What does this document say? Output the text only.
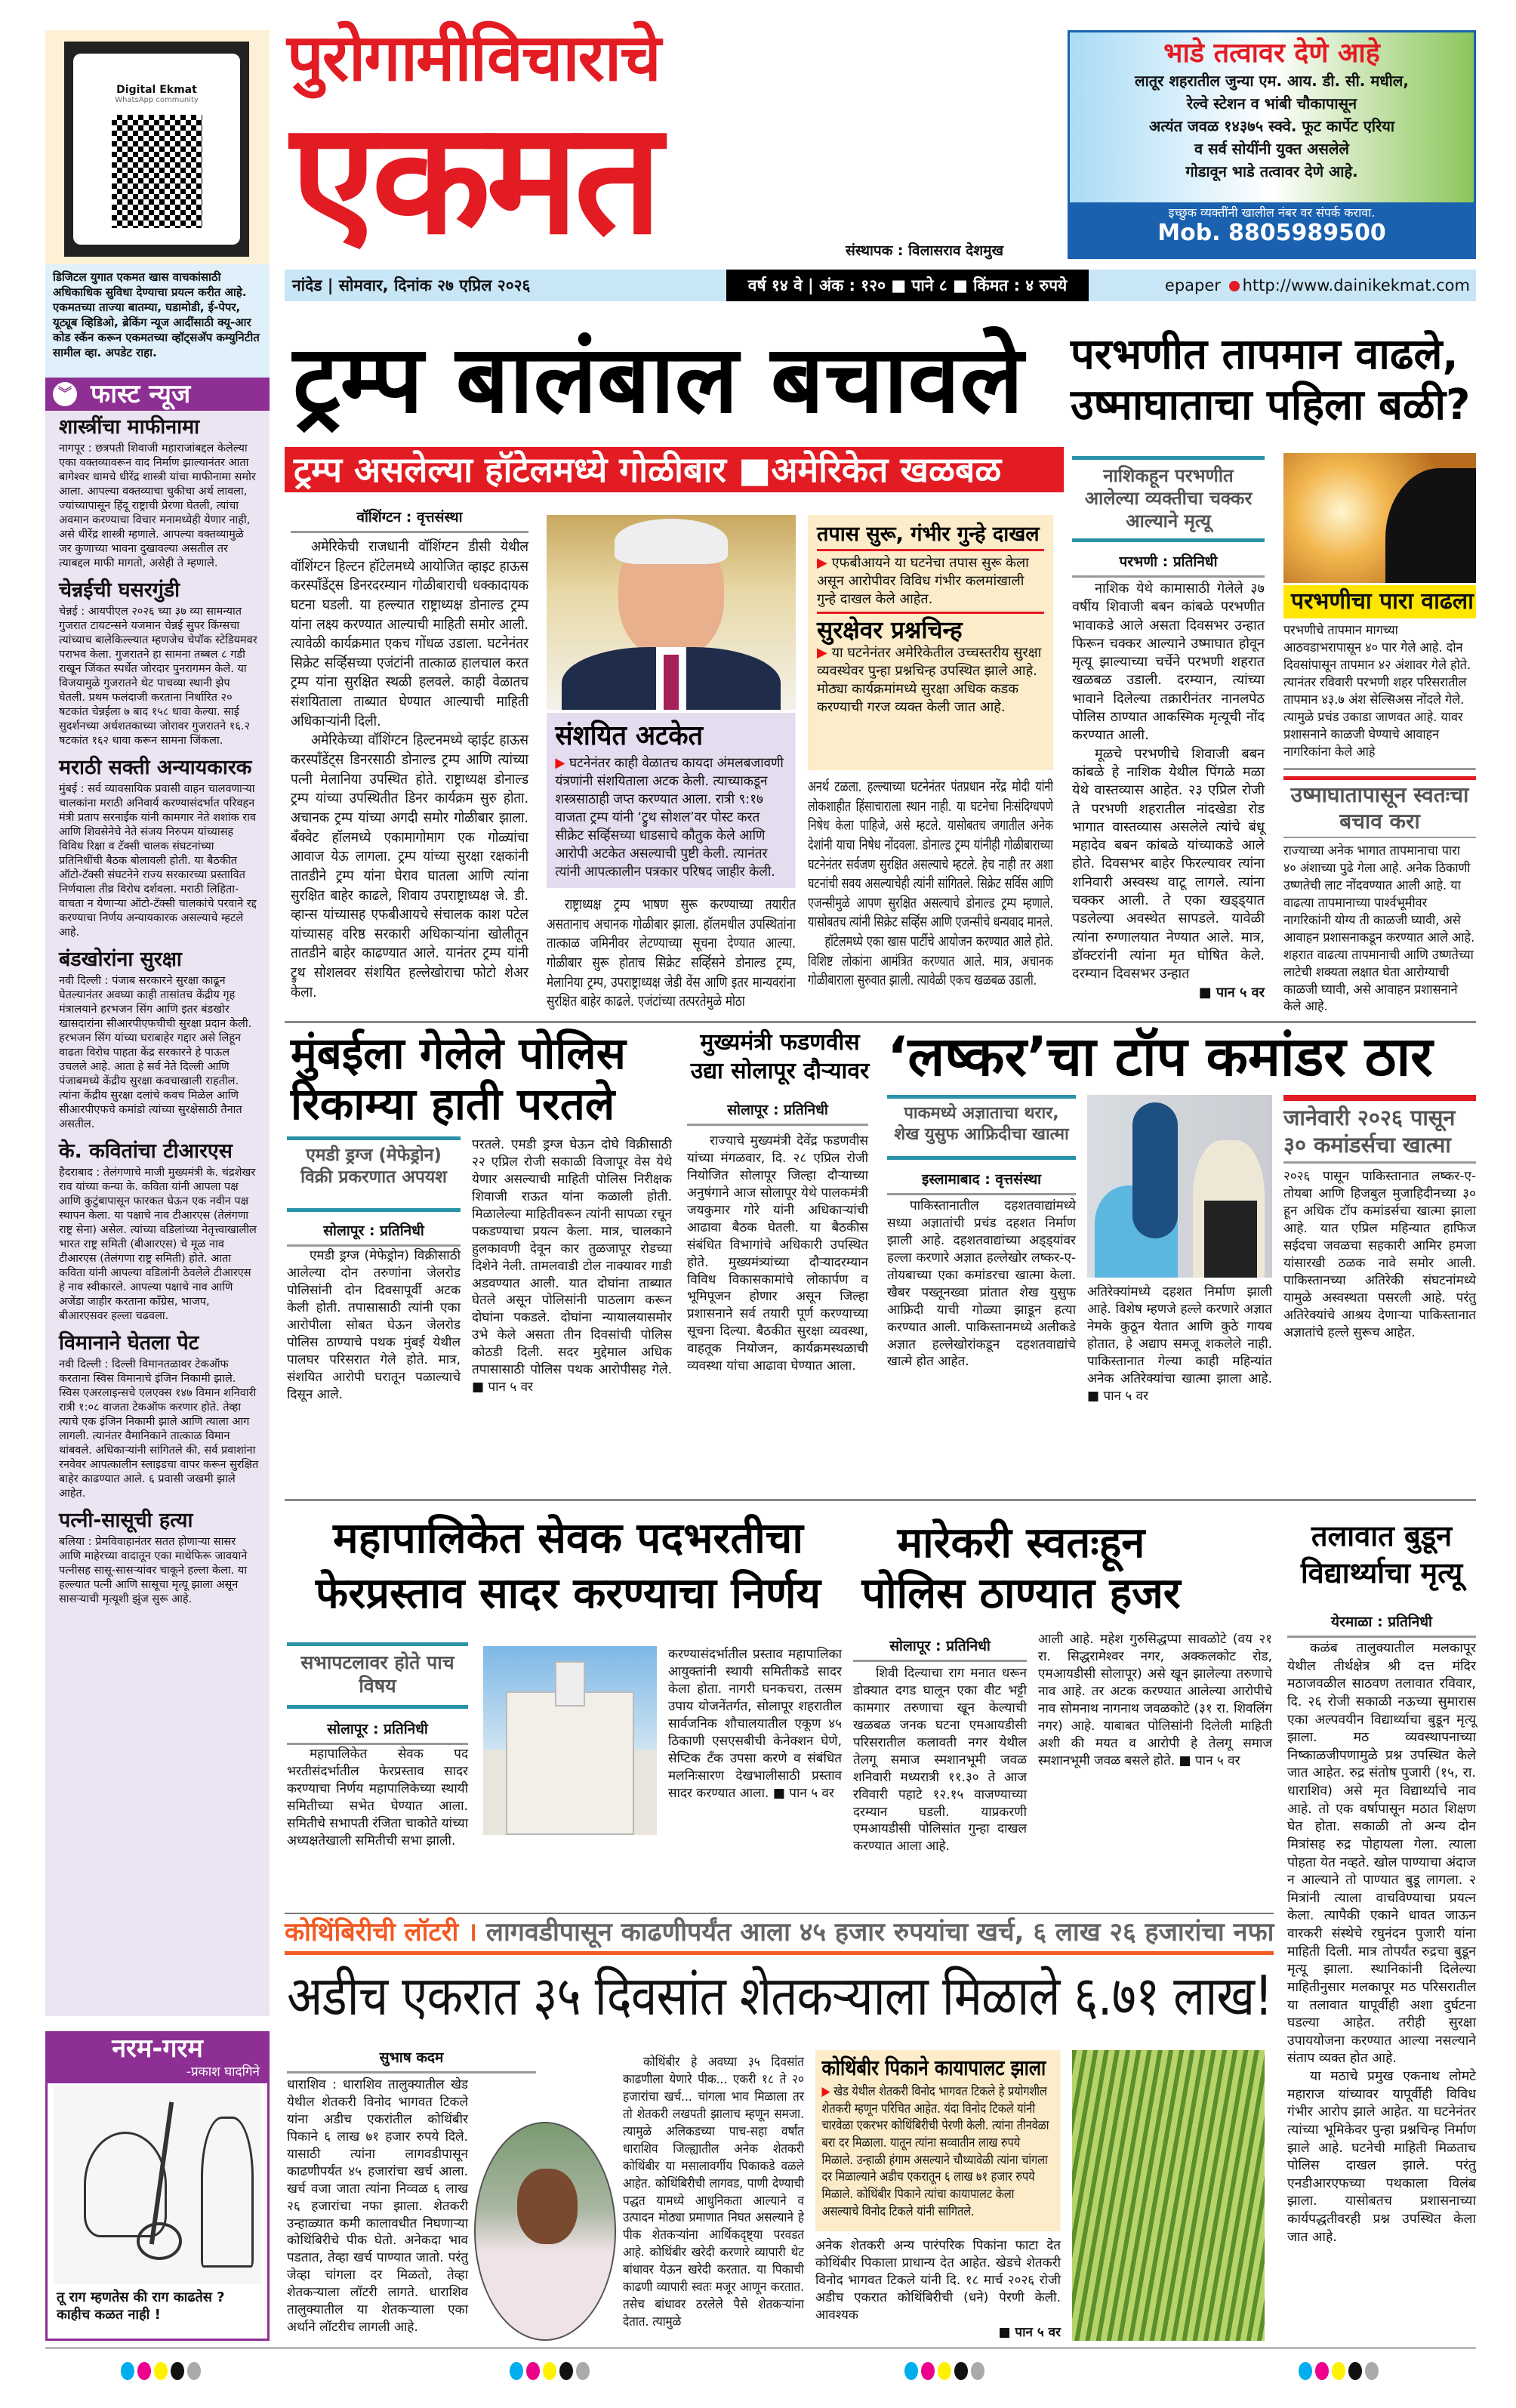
Digital Ekmat
WhatsApp community
डिजिटल युगात एकमत खास वाचकांसाठी अधिकाधिक सुविधा देण्याचा प्रयत्न करीत आहे. एकमतच्या ताज्या बातम्या, घडामोडी, ई-पेपर, यूट्यूब व्हिडिओ, ब्रेकिंग न्यूज आदींसाठी क्यू-आर कोड स्कॅन करून एकमतच्या व्हॉट्सअ‍ॅप कम्युनिटीत सामील व्हा. अपडेट राहा.
︾ फास्ट न्यूज
शास्त्रींचा माफीनामा
नागपूर : छत्रपती शिवाजी महाराजांबद्दल केलेल्या एका वक्तव्यावरून वाद निर्माण झाल्यानंतर आता बागेश्वर धामचे धीरेंद्र शास्त्री यांचा माफीनामा समोर आला. आपल्या वक्तव्याचा चुकीचा अर्थ लावला, ज्यांच्यापासून हिंदू राष्ट्राची प्रेरणा घेतली, त्यांचा अवमान करण्याचा विचार मनामध्येही येणार नाही, असे धीरेंद्र शास्त्री म्हणाले. आपल्या वक्तव्यामुळे जर कुणाच्या भावना दुखावल्या असतील तर त्याबद्दल माफी मागतो, असेही ते म्हणाले.
चेन्नईची घसरगुंडी
चेन्नई : आयपीएल २०२६ च्या ३७ व्या सामन्यात गुजरात टायटन्सने यजमान चेन्नई सुपर किंग्सचा त्यांच्याच बालेकिल्ल्यात म्हणजेच चेपॉक स्टेडियमवर पराभव केला. गुजरातने हा सामना तब्बल ८ गडी राखून जिंकत स्पर्धेत जोरदार पुनरागमन केले. या विजयामुळे गुजरातने थेट पाचव्या स्थानी झेप घेतली. प्रथम फलंदाजी करताना निर्धारित २० षटकांत चेन्नईला ७ बाद १५८ धावा केल्या. साई सुदर्शनच्या अर्धशतकाच्या जोरावर गुजरातने १६.२ षटकांत १६२ धावा करून सामना जिंकला.
मराठी सक्ती अन्यायकारक
मुंबई : सर्व व्यावसायिक प्रवासी वाहन चालवणाऱ्या चालकांना मराठी अनिवार्य करण्यासंदर्भात परिवहन मंत्री प्रताप सरनाईक यांनी कामगार नेते शशांक राव आणि शिवसेनेचे नेते संजय निरुपम यांच्यासह विविध रिक्षा व टॅक्सी चालक संघटनांच्या प्रतिनिधींची बैठक बोलावली होती. या बैठकीत ऑटो-टॅक्सी संघटनेने राज्य सरकारच्या प्रस्तावित निर्णयाला तीव्र विरोध दर्शवला. मराठी लिहिता-वाचता न येणाऱ्या ऑटो-टॅक्सी चालकांचे परवाने रद्द करण्याचा निर्णय अन्यायकारक असल्याचे म्हटले आहे.
बंडखोरांना सुरक्षा
नवी दिल्ली : पंजाब सरकारने सुरक्षा काढून घेतल्यानंतर अवघ्या काही तासांतच केंद्रीय गृह मंत्रालयाने हरभजन सिंग आणि इतर बंडखोर खासदारांना सीआरपीएफचीची सुरक्षा प्रदान केली. हरभजन सिंग यांच्या घराबाहेर गद्दार असे लिहून वाढता विरोध पाहता केंद्र सरकारने हे पाऊल उचलले आहे. आता हे सर्व नेते दिल्ली आणि पंजाबमध्ये केंद्रीय सुरक्षा कवचाखाली राहतील. त्यांना केंद्रीय सुरक्षा दलांचे कवच मिळेल आणि सीआरपीएफचे कमांडो त्यांच्या सुरक्षेसाठी तैनात असतील.
के. कवितांचा टीआरएस
हैदराबाद : तेलंगणाचे माजी मुख्यमंत्री के. चंद्रशेखर राव यांच्या कन्या के. कविता यांनी आपला पक्ष आणि कुटुंबापासून फारकत घेऊन एक नवीन पक्ष स्थापन केला. या पक्षाचे नाव टीआरएस (तेलंगणा राष्ट्र सेना) असेल. त्यांच्या वडिलांच्या नेतृत्त्वाखालील भारत राष्ट्र समिती (बीआरएस) चे मूळ नाव टीआरएस (तेलंगणा राष्ट्र समिती) होते. आता कविता यांनी आपल्या वडिलांनी ठेवलेले टीआरएस हे नाव स्वीकारले. आपल्या पक्षाचे नाव आणि अजेंडा जाहीर करताना काँग्रेस, भाजप, बीआरएसवर हल्ला चढवला.
विमानाने घेतला पेट
नवी दिल्ली : दिल्ली विमानतळावर टेकऑफ करताना स्विस विमानाचे इंजिन निकामी झाले. स्विस एअरलाइन्सचे एलएक्स १४७ विमान शनिवारी रात्री १:०८ वाजता टेकऑफ करणार होते. तेव्हा त्याचे एक इंजिन निकामी झाले आणि त्याला आग लागली. त्यानंतर वैमानिकाने तात्काळ विमान थांबवले. अधिकाऱ्यांनी सांगितले की, सर्व प्रवाशांना रनवेवर आपत्कालीन स्लाइडचा वापर करून सुरक्षित बाहेर काढण्यात आले. ६ प्रवासी जखमी झाले आहेत.
पत्नी-सासूची हत्या
बलिया : प्रेमविवाहानंतर सतत होणाऱ्या सासर आणि माहेरच्या वादातून एका माथेफिरू जावयाने पत्नीसह सासू-सासऱ्यांवर चाकूने हल्ला केला. या हल्ल्यात पत्नी आणि सासूचा मृत्यू झाला असून सासऱ्याची मृत्यूशी झुंज सुरू आहे.
नरम-गरम
-प्रकाश घादगिने
तू राग म्हणतेस की राग काढतेस ? काहीच कळत नाही !
पुरोगामीविचाराचे
एकमत	संस्थापक : विलासराव देशमुख
भाडे तत्वावर देणे आहे
लातूर शहरातील जुन्या एम. आय. डी. सी. मधील,
रेल्वे स्टेशन व भांबी चौकापासून
अत्यंत जवळ १४३७५ स्क्वे. फूट कार्पेट एरिया
व सर्व सोयींनी युक्त असलेले
गोडावून भाडे तत्वावर देणे आहे.
इच्छुक व्यक्तींनी खालील नंबर वर संपर्क करावा.
Mob. 8805989500
नांदेड | सोमवार, दिनांक २७ एप्रिल २०२६	वर्ष १४ वे | अंक : १२० ■ पाने ८ ■ किंमत : ४ रुपये	epaper http://www.dainikekmat.com
ट्रम्प बालंबाल बचावले
ट्रम्प असलेल्या हॉटेलमध्ये गोळीबार ■अमेरिकेत खळबळ
वॉशिंग्टन : वृत्तसंस्था

अमेरिकेची राजधानी वॉशिंग्टन डीसी येथील वॉशिंग्टन हिल्टन हॉटेलमध्ये आयोजित व्हाइट हाऊस करस्पाँडेंट्स डिनरदरम्यान गोळीबाराची धक्कादायक घटना घडली. या हल्ल्यात राष्ट्राध्यक्ष डोनाल्ड ट्रम्प यांना लक्ष्य करण्यात आल्याची माहिती समोर आली. त्यावेळी कार्यक्रमात एकच गोंधळ उडाला. घटनेनंतर सिक्रेट सर्व्हिसच्या एजंटांनी तात्काळ हालचाल करत ट्रम्प यांना सुरक्षित स्थळी हलवले. काही वेळातच संशयिताला ताब्यात घेण्यात आल्याची माहिती अधिकाऱ्यांनी दिली.

अमेरिकेच्या वॉशिंग्टन हिल्टनमध्ये व्हाईट हाऊस करस्पाँडेंट्स डिनरसाठी डोनाल्ड ट्रम्प आणि त्यांच्या पत्नी मेलानिया उपस्थित होते. राष्ट्राध्यक्ष डोनाल्ड ट्रम्प यांच्या उपस्थितीत डिनर कार्यक्रम सुरु होता. अचानक ट्रम्प यांच्या अगदी समोर गोळीबार झाला. बँक्वेट हॉलमध्ये एकामागोमाग एक गोळ्यांचा आवाज येऊ लागला. ट्रम्प यांच्या सुरक्षा रक्षकांनी तातडीने ट्रम्प यांना घेराव घातला आणि त्यांना सुरक्षित बाहेर काढले, शिवाय उपराष्ट्राध्यक्ष जे. डी. व्हान्स यांच्यासह एफबीआयचे संचालक काश पटेल यांच्यासह वरिष्ठ सरकारी अधिकाऱ्यांना खोलीतून तातडीने बाहेर काढण्यात आले. यानंतर ट्रम्प यांनी ट्रुथ सोशलवर संशयित हल्लेखोराचा फोटो शेअर केला.

संशयित अटकेत
▶ घटनेनंतर काही वेळातच कायदा अंमलबजावणी यंत्रणांनी संशयिताला अटक केली. त्याच्याकडून शस्त्रसाठाही जप्त करण्यात आला. रात्री ९:१७ वाजता ट्रम्प यांनी ‘ट्रुथ सोशल’वर पोस्ट करत सीक्रेट सर्व्हिसच्या धाडसाचे कौतुक केले आणि आरोपी अटकेत असल्याची पुष्टी केली. त्यानंतर त्यांनी आपत्कालीन पत्रकार परिषद जाहीर केली.

राष्ट्राध्यक्ष ट्रम्प भाषण सुरू करण्याच्या तयारीत असतानाच अचानक गोळीबार झाला. हॉलमधील उपस्थितांना तात्काळ जमिनीवर लेटण्याच्या सूचना देण्यात आल्या. गोळीबार सुरू होताच सिक्रेट सर्व्हिसने डोनाल्ड ट्रम्प, मेलानिया ट्रम्प, उपराष्ट्राध्यक्ष जेडी वेंस आणि इतर मान्यवरांना सुरक्षित बाहेर काढले. एजंटांच्या तत्परतेमुळे मोठा

तपास सुरू, गंभीर गुन्हे दाखल
▶ एफबीआयने या घटनेचा तपास सुरू केला असून आरोपीवर विविध गंभीर कलमांखाली गुन्हे दाखल केले आहेत.
सुरक्षेवर प्रश्नचिन्ह
▶ या घटनेनंतर अमेरिकेतील उच्चस्तरीय सुरक्षा व्यवस्थेवर पुन्हा प्रश्नचिन्ह उपस्थित झाले आहे. मोठ्या कार्यक्रमांमध्ये सुरक्षा अधिक कडक करण्याची गरज व्यक्त केली जात आहे.

अनर्थ टळला. हल्ल्याच्या घटनेनंतर पंतप्रधान नरेंद्र मोदी यांनी लोकशाहीत हिंसाचाराला स्थान नाही. या घटनेचा निःसंदिग्धपणे निषेध केला पाहिजे, असे म्हटले. यासोबतच जगातील अनेक देशांनी याचा निषेध नोंदवला. डोनाल्ड ट्रम्प यांनीही गोळीबाराच्या घटनेनंतर सर्वजण सुरक्षित असल्याचे म्हटले. हेच नाही तर अशा घटनांची सवय असल्याचेही त्यांनी सांगितले. सिक्रेट सर्विस आणि एजन्सीमुळे आपण सुरक्षित असल्याचे डोनाल्ड ट्रम्प म्हणाले. यासोबतच त्यांनी सिक्रेट सर्व्हिस आणि एजन्सीचे धन्यवाद मानले.

हॉटेलमध्ये एका खास पार्टीचे आयोजन करण्यात आले होते. विशिष्ट लोकांना आमंत्रित करण्यात आले. मात्र, अचानक गोळीबाराला सुरुवात झाली. त्यावेळी एकच खळबळ उडाली.

परभणीत तापमान वाढले, उष्माघाताचा पहिला बळी?
नाशिकहून परभणीत आलेल्या व्यक्तीचा चक्कर आल्याने मृत्यू
परभणी : प्रतिनिधी

नाशिक येथे कामासाठी गेलेले ३७ वर्षीय शिवाजी बबन कांबळे परभणीत भावाकडे आले असता दिवसभर उन्हात फिरून चक्कर आल्याने उष्माघात होवून मृत्यू झाल्याच्या चर्चेने परभणी शहरात खळबळ उडाली. दरम्यान, त्यांच्या भावाने दिलेल्या तक्रारीनंतर नानलपेठ पोलिस ठाण्यात आकस्मिक मृत्यूची नोंद करण्यात आली.

मूळचे परभणीचे शिवाजी बबन कांबळे हे नाशिक येथील पिंगळे मळा येथे वास्तव्यास आहेत. २३ एप्रिल रोजी ते परभणी शहरातील नांदखेडा रोड भागात वास्तव्यास असलेले त्यांचे बंधू महादेव बबन कांबळे यांच्याकडे आले होते. दिवसभर बाहेर फिरल्यावर त्यांना शनिवारी अस्वस्थ वाटू लागले. त्यांना चक्कर आली. ते एका खड्ड्यात पडलेल्या अवस्थेत सापडले. यावेळी त्यांना रुग्णालयात नेण्यात आले. मात्र, डॉक्टरांनी त्यांना मृत घोषित केले. दरम्यान दिवसभर उन्हात

■ पान ५ वर
परभणीचा पारा वाढला
परभणीचे तापमान मागच्या आठवडाभरापासून ४० पार गेले आहे. दोन दिवसांपासून तापमान ४२ अंशावर गेले होते. त्यानंतर रविवारी परभणी शहर परिसरातील तापमान ४३.७ अंश सेल्सिअस नोंदले गेले. त्यामुळे प्रचंड उकाडा जाणवत आहे. यावर प्रशासनाने काळजी घेण्याचे आवाहन नागरिकांना केले आहे
उष्माघातापासून स्वतःचा बचाव करा
राज्याच्या अनेक भागात तापमानाचा पारा ४० अंशाच्या पुढे गेला आहे. अनेक ठिकाणी उष्णतेची लाट नोंदवण्यात आली आहे. या वाढत्या तापमानाच्या पार्श्वभूमीवर नागरिकांनी योग्य ती काळजी घ्यावी, असे आवाहन प्रशासनाकडून करण्यात आले आहे. शहरात वाढत्या तापमानाची आणि उष्णतेच्या लाटेची शक्यता लक्षात घेता आरोग्याची काळजी घ्यावी, असे आवाहन प्रशासनाने केले आहे.
मुंबईला गेलेले पोलिस रिकाम्या हाती परतले
एमडी ड्रग्ज (मेफेड्रोन) विक्री प्रकरणात अपयश
सोलापूर : प्रतिनिधी

एमडी ड्रग्ज (मेफेड्रोन) विक्रीसाठी आलेल्या दोन तरुणांना जेलरोड पोलिसांनी दोन दिवसापूर्वी अटक केली होती. तपासासाठी त्यांनी एका आरोपीला सोबत घेऊन जेलरोड पोलिस ठाण्याचे पथक मुंबई येथील पालघर परिसरात गेले होते. मात्र, संशयित आरोपी घरातून पळाल्याचे दिसून आले.

परतले. एमडी ड्रग्ज घेऊन दोघे विक्रीसाठी २२ एप्रिल रोजी सकाळी विजापूर वेस येथे येणार असल्याची माहिती पोलिस निरीक्षक शिवाजी राऊत यांना कळाली होती. मिळालेल्या माहितीवरून त्यांनी सापळा रचून पकडण्याचा प्रयत्न केला. मात्र, चालकाने हुलकावणी देवून कार तुळजापूर रोडच्या दिशेने नेली. तामलवाडी टोल नाक्यावर गाडी अडवण्यात आली. यात दोघांना ताब्यात घेतले असून पोलिसांनी पाठलाग करून दोघांना पकडले. दोघांना न्यायालयासमोर उभे केले असता तीन दिवसांची पोलिस कोठडी दिली. सदर मुद्देमाल अधिक तपासासाठी पोलिस पथक आरोपीसह गेले. ■ पान ५ वर

मुख्यमंत्री फडणवीस उद्या सोलापूर दौऱ्यावर
सोलापूर : प्रतिनिधी

राज्याचे मुख्यमंत्री देवेंद्र फडणवीस यांच्या मंगळवार, दि. २८ एप्रिल रोजी नियोजित सोलापूर जिल्हा दौऱ्याच्या अनुषंगाने आज सोलापूर येथे पालकमंत्री जयकुमार गोरे यांनी अधिकाऱ्यांची आढावा बैठक घेतली. या बैठकीस संबंधित विभागांचे अधिकारी उपस्थित होते. मुख्यमंत्र्यांच्या दौऱ्यादरम्यान विविध विकासकामांचे लोकार्पण व भूमिपूजन होणार असून जिल्हा प्रशासनाने सर्व तयारी पूर्ण करण्याच्या सूचना दिल्या. बैठकीत सुरक्षा व्यवस्था, वाहतूक नियोजन, कार्यक्रमस्थळाची व्यवस्था यांचा आढावा घेण्यात आला.

‘लष्कर’चा टॉप कमांडर ठार
पाकमध्ये अज्ञाताचा थरार, शेख युसुफ आफ्रिदीचा खात्मा
इस्लामाबाद : वृत्तसंस्था

पाकिस्तानातील दहशतवाद्यांमध्ये सध्या अज्ञातांची प्रचंड दहशत निर्माण झाली आहे. दहशतवाद्यांच्या अड्ड्यांवर हल्ला करणारे अज्ञात हल्लेखोर लष्कर-ए-तोयबाच्या एका कमांडरचा खात्मा केला. खैबर पख्तूनख्वा प्रांतात शेख युसुफ आफ्रिदी याची गोळ्या झाडून हत्या करण्यात आली. पाकिस्तानमध्ये अलीकडे अज्ञात हल्लेखोरांकडून दहशतवाद्यांचे खात्मे होत आहेत.

अतिरेक्यांमध्ये दहशत निर्माण झाली आहे. विशेष म्हणजे हल्ले करणारे अज्ञात नेमके कुठून येतात आणि कुठे गायब होतात, हे अद्याप समजू शकलेले नाही. पाकिस्तानात गेल्या काही महिन्यांत अनेक अतिरेक्यांचा खात्मा झाला आहे. ■ पान ५ वर

जानेवारी २०२६ पासून ३० कमांडर्सचा खात्मा
२०२६ पासून पाकिस्तानात लष्कर-ए-तोयबा आणि हिजबुल मुजाहिदीनच्या ३० हून अधिक टॉप कमांडर्सचा खात्मा झाला आहे. यात एप्रिल महिन्यात हाफिज सईदचा जवळचा सहकारी आमिर हमजा यांसारखी ठळक नावे समोर आली. पाकिस्तानच्या अतिरेकी संघटनांमध्ये यामुळे अस्वस्थता पसरली आहे. परंतु अतिरेक्यांचे आश्रय देणाऱ्या पाकिस्तानात अज्ञातांचे हल्ले सुरूच आहेत.
महापालिकेत सेवक पदभरतीचा फेरप्रस्ताव सादर करण्याचा निर्णय
सभापटलावर होते पाच विषय
सोलापूर : प्रतिनिधी

महापालिकेत सेवक पद भरतीसंदर्भातील फेरप्रस्ताव सादर करण्याचा निर्णय महापालिकेच्या स्थायी समितीच्या सभेत घेण्यात आला. समितीचे सभापती रंजिता चाकोते यांच्या अध्यक्षतेखाली समितीची सभा झाली.

करण्यासंदर्भातील प्रस्ताव महापालिका आयुक्तांनी स्थायी समितीकडे सादर केला होता. नागरी घनकचरा, तत्सम उपाय योजनेंतर्गत, सोलापूर शहरातील सार्वजनिक शौचालयातील एकूण ४५ ठिकाणी एसएसबीची केनेक्शन घेणे, सेप्टिक टँक उपसा करणे व संबंधित मलनिःसारण देखभालीसाठी प्रस्ताव सादर करण्यात आला. ■ पान ५ वर

मारेकरी स्वतःहून पोलिस ठाण्यात हजर
सोलापूर : प्रतिनिधी

शिवी दिल्याचा राग मनात धरून डोक्यात दगड घालून एका वीट भट्टी कामगार तरुणाचा खून केल्याची खळबळ जनक घटना एमआयडीसी परिसरातील कलावती नगर येथील तेलगू समाज स्मशानभूमी जवळ शनिवारी मध्यरात्री ११.३० ते आज रविवारी पहाटे १२.१५ वाजण्याच्या दरम्यान घडली. याप्रकरणी एमआयडीसी पोलिसांत गुन्हा दाखल करण्यात आला आहे.

आली आहे. महेश गुरुसिद्धप्पा सावळोटे (वय २१ रा. सिद्धरामेश्वर नगर, अक्कलकोट रोड, एमआयडीसी सोलापूर) असे खून झालेल्या तरुणाचे नाव आहे. तर अटक करण्यात आलेल्या आरोपीचे नाव सोमनाथ नागनाथ जवळकोटे (३१ रा. शिवलिंग नगर) आहे. याबाबत पोलिसांनी दिलेली माहिती अशी की मयत व आरोपी हे तेलगू समाज स्मशानभूमी जवळ बसले होते. ■ पान ५ वर

तलावात बुडून विद्यार्थ्याचा मृत्यू
येरमाळा : प्रतिनिधी

कळंब तालुक्यातील मलकापूर येथील तीर्थक्षेत्र श्री दत्त मंदिर मठाजवळील साठवण तलावात रविवार, दि. २६ रोजी सकाळी नऊच्या सुमारास एका अल्पवयीन विद्यार्थ्याचा बुडून मृत्यू झाला. मठ व्यवस्थापनाच्या निष्काळजीपणामुळे प्रश्न उपस्थित केले जात आहेत. रुद्र संतोष पुजारी (१५, रा. धाराशिव) असे मृत विद्यार्थ्याचे नाव आहे. तो एक वर्षापासून मठात शिक्षण घेत होता. सकाळी तो अन्य दोन मित्रांसह रुद्र पोहायला गेला. त्याला पोहता येत नव्हते. खोल पाण्याचा अंदाज न आल्याने तो पाण्यात बुडू लागला. २ मित्रांनी त्याला वाचविण्याचा प्रयत्न केला. त्यापैकी एकाने धावत जाऊन वारकरी संस्थेचे रघुनंदन पुजारी यांना माहिती दिली. मात्र तोपर्यंत रुद्रचा बुडून मृत्यू झाला. स्थानिकांनी दिलेल्या माहितीनुसार मलकापूर मठ परिसरातील या तलावात यापूर्वीही अशा दुर्घटना घडल्या आहेत. तरीही सुरक्षा उपाययोजना करण्यात आल्या नसल्याने संताप व्यक्त होत आहे.

या मठाचे प्रमुख एकनाथ लोमटे महाराज यांच्यावर यापूर्वीही विविध गंभीर आरोप झाले आहेत. या घटनेनंतर त्यांच्या भूमिकेवर पुन्हा प्रश्नचिन्ह निर्माण झाले आहे. घटनेची माहिती मिळताच पोलिस दाखल झाले. परंतु एनडीआरएफच्या पथकाला विलंब झाला. यासोबतच प्रशासनाच्या कार्यपद्धतीवरही प्रश्न उपस्थित केला जात आहे.

कोथिंबिरीची लॉटरी । लागवडीपासून काढणीपर्यंत आला ४५ हजार रुपयांचा खर्च, ६ लाख २६ हजारांचा नफा
अडीच एकरात ३५ दिवसांत शेतकऱ्याला मिळाले ६.७१ लाख!
सुभाष कदम

धाराशिव : धाराशिव तालुक्यातील खेड येथील शेतकरी विनोद भागवत टिकले यांना अडीच एकरांतील कोथिंबीर पिकाने ६ लाख ७१ हजार रुपये दिले. यासाठी त्यांना लागवडीपासून काढणीपर्यंत ४५ हजारांचा खर्च आला. खर्च वजा जाता त्यांना निव्वळ ६ लाख २६ हजारांचा नफा झाला. शेतकरी उन्हाळ्यात कमी कालावधीत निघणाऱ्या कोथिंबिरीचे पीक घेतो. अनेकदा भाव पडतात, तेव्हा खर्च पाण्यात जातो. परंतु जेव्हा चांगला दर मिळतो, तेव्हा शेतकऱ्याला लॉटरी लागते. धाराशिव तालुक्यातील या शेतकऱ्याला एका अर्थाने लॉटरीच लागली आहे.

कोथिंबीर हे अवघ्या ३५ दिवसांत काढणीला येणारे पीक... एकरी १८ ते २० हजारांचा खर्च... चांगला भाव मिळाला तर तो शेतकरी लखपती झालाच म्हणून समजा. त्यामुळे अलिकडच्या पाच-सहा वर्षांत धाराशिव जिल्ह्यातील अनेक शेतकरी कोथिंबीर या मसालावर्गीय पिकाकडे वळले आहेत. कोथिंबिरीची लागवड, पाणी देण्याची पद्धत यामध्ये आधुनिकता आल्याने व उत्पादन मोठ्या प्रमाणात निघत असल्याने हे पीक शेतकऱ्यांना आर्थिकदृष्ट्या परवडत आहे. कोथिंबीर खरेदी करणारे व्यापारी थेट बांधावर येऊन खरेदी करतात. या पिकाची काढणी व्यापारी स्वतः मजूर आणून करतात. तसेच बांधावर ठरलेले पैसे शेतकऱ्यांना देतात. त्यामुळे

कोथिंबीर पिकाने कायापालट झाला
▶ खेड येथील शेतकरी विनोद भागवत टिकले हे प्रयोगशील शेतकरी म्हणून परिचित आहेत. यंदा विनोद टिकले यांनी चारवेळा एकरभर कोथिंबिरीची पेरणी केली. त्यांना तीनवेळा बरा दर मिळाला. यातून त्यांना सव्वातीन लाख रुपये मिळाले. उन्हाळी हंगाम असल्याने चौथ्यावेळी त्यांना चांगला दर मिळाल्याने अडीच एकरातून ६ लाख ७१ हजार रुपये मिळाले. कोथिंबीर पिकाने त्यांचा कायापालट केला असल्याचे विनोद टिकले यांनी सांगितले.

अनेक शेतकरी अन्य पारंपरिक पिकांना फाटा देत कोथिंबीर पिकाला प्राधान्य देत आहेत. खेडचे शेतकरी विनोद भागवत टिकले यांनी दि. १८ मार्च २०२६ रोजी अडीच एकरात कोथिंबिरीची (धने) पेरणी केली. आवश्यक

■ पान ५ वर
